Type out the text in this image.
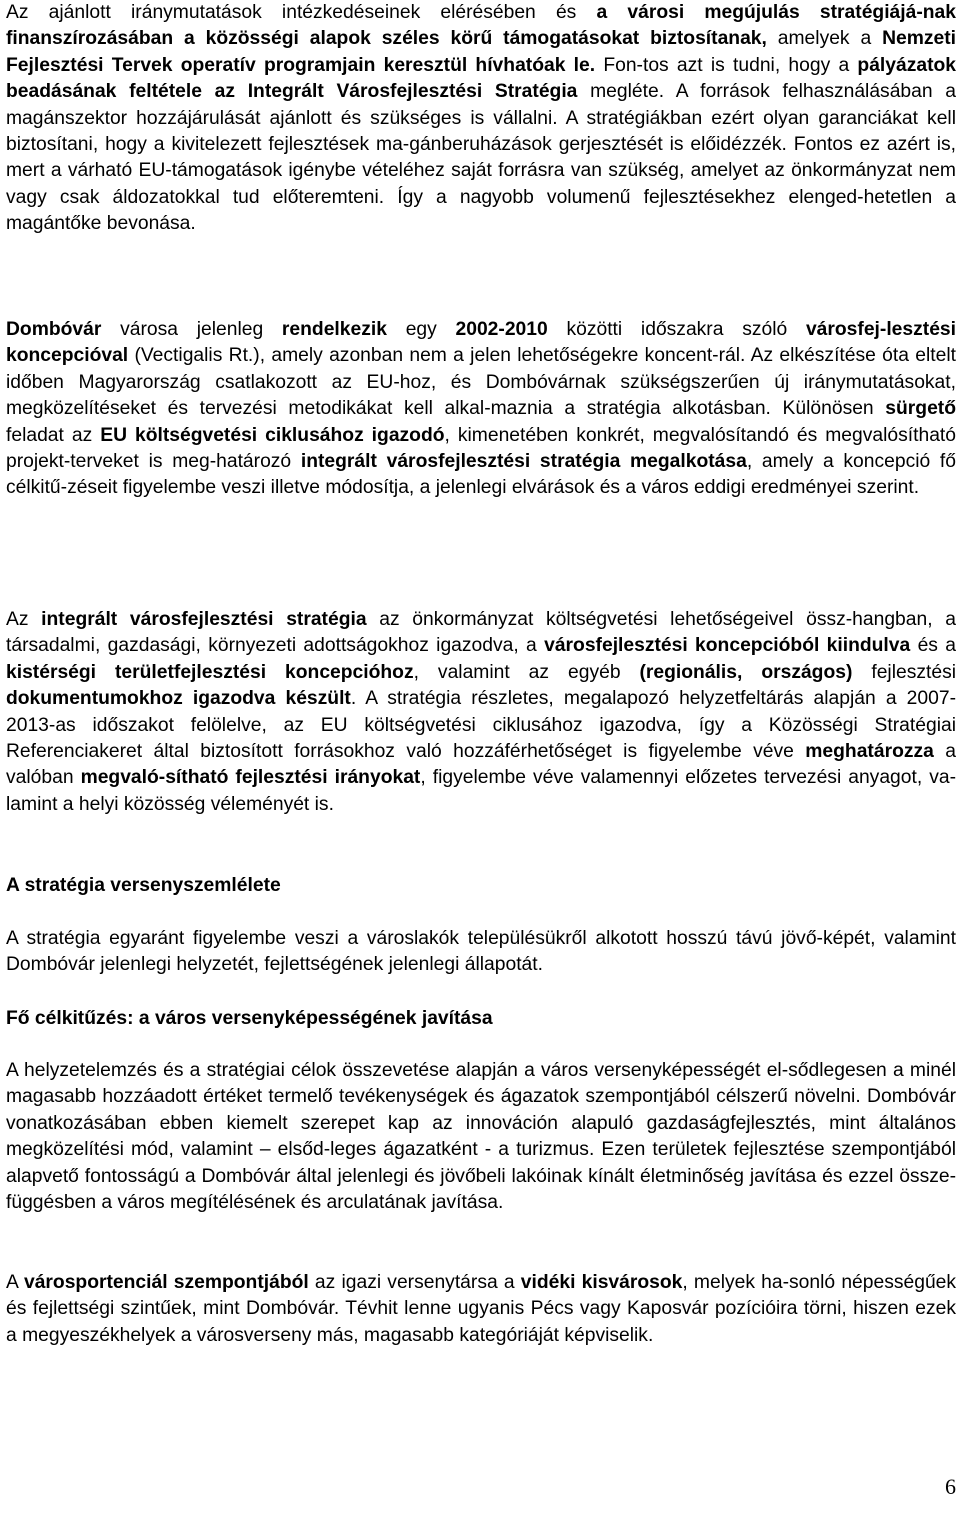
Az ajánlott iránymutatások intézkedéseinek elérésében és a városi megújulás stratégiájá-nak finanszírozásában a közösségi alapok széles körű támogatásokat biztosítanak, amelyek a Nemzeti Fejlesztési Tervek operatív programjain keresztül hívhatóak le. Fon-tos azt is tudni, hogy a pályázatok beadásának feltétele az Integrált Városfejlesztési Stratégia megléte. A források felhasználásában a magánszektor hozzájárulását ajánlott és szükséges is vállalni. A stratégiákban ezért olyan garanciákat kell biztosítani, hogy a kivitelezett fejlesztések ma-gánberuházások gerjesztését is előidézzék. Fontos ez azért is, mert a várható EU-támogatások igénybe vételéhez saját forrásra van szükség, amelyet az önkormányzat nem vagy csak áldozatokkal tud előteremteni. Így a nagyobb volumenű fejlesztésekhez elenged-hetetlen a magántőke bevonása.

Dombóvár városa jelenleg rendelkezik egy 2002-2010 közötti időszakra szóló városfej-lesztési koncepcióval (Vectigalis Rt.), amely azonban nem a jelen lehetőségekre koncent-rál. Az elkészítése óta eltelt időben Magyarország csatlakozott az EU-hoz, és Dombóvárnak szükségszerűen új iránymutatásokat, megközelítéseket és tervezési metodikákat kell alkal-maznia a stratégia alkotásban. Különösen sürgető feladat az EU költségvetési ciklusához igazodó, kimenetében konkrét, megvalósítandó és megvalósítható projekt-terveket is meg-határozó integrált városfejlesztési stratégia megalkotása, amely a koncepció fő célkitű-zéseit figyelembe veszi illetve módosítja, a jelenlegi elvárások és a város eddigi eredményei szerint.

Az integrált városfejlesztési stratégia az önkormányzat költségvetési lehetőségeivel össz-hangban, a társadalmi, gazdasági, környezeti adottságokhoz igazodva, a városfejlesztési koncepcióból kiindulva és a kistérségi területfejlesztési koncepcióhoz, valamint az egyéb (regionális, országos) fejlesztési dokumentumokhoz igazodva készült. A stratégia részletes, megalapozó helyzetfeltárás alapján a 2007-2013-as időszakot felölelve, az EU költségvetési ciklusához igazodva, így a Közösségi Stratégiai Referenciakeret által biztosított forrásokhoz való hozzáférhetőséget is figyelembe véve meghatározza a valóban megvaló-sítható fejlesztési irányokat, figyelembe véve valamennyi előzetes tervezési anyagot, va-lamint a helyi közösség véleményét is.

A stratégia versenyszemlélete

A stratégia egyaránt figyelembe veszi a városlakók településükről alkotott hosszú távú jövő-képét, valamint Dombóvár jelenlegi helyzetét, fejlettségének jelenlegi állapotát.

Fő célkitűzés: a város versenyképességének javítása

A helyzetelemzés és a stratégiai célok összevetése alapján a város versenyképességét el-sődlegesen a minél magasabb hozzáadott értéket termelő tevékenységek és ágazatok szempontjából célszerű növelni. Dombóvár vonatkozásában ebben kiemelt szerepet kap az innováción alapuló gazdaságfejlesztés, mint általános megközelítési mód, valamint – elsőd-leges ágazatként - a turizmus. Ezen területek fejlesztése szempontjából alapvető fontosságú a Dombóvár által jelenlegi és jövőbeli lakóinak kínált életminőség javítása és ezzel össze-függésben a város megítélésének és arculatának javítása.

A városportenciál szempontjából az igazi versenytársa a vidéki kisvárosok, melyek ha-sonló népességűek és fejlettségi szintűek, mint Dombóvár. Tévhit lenne ugyanis Pécs vagy Kaposvár pozícióira törni, hiszen ezek a megyeszékhelyek a városverseny más, magasabb kategóriáját képviselik.

6
